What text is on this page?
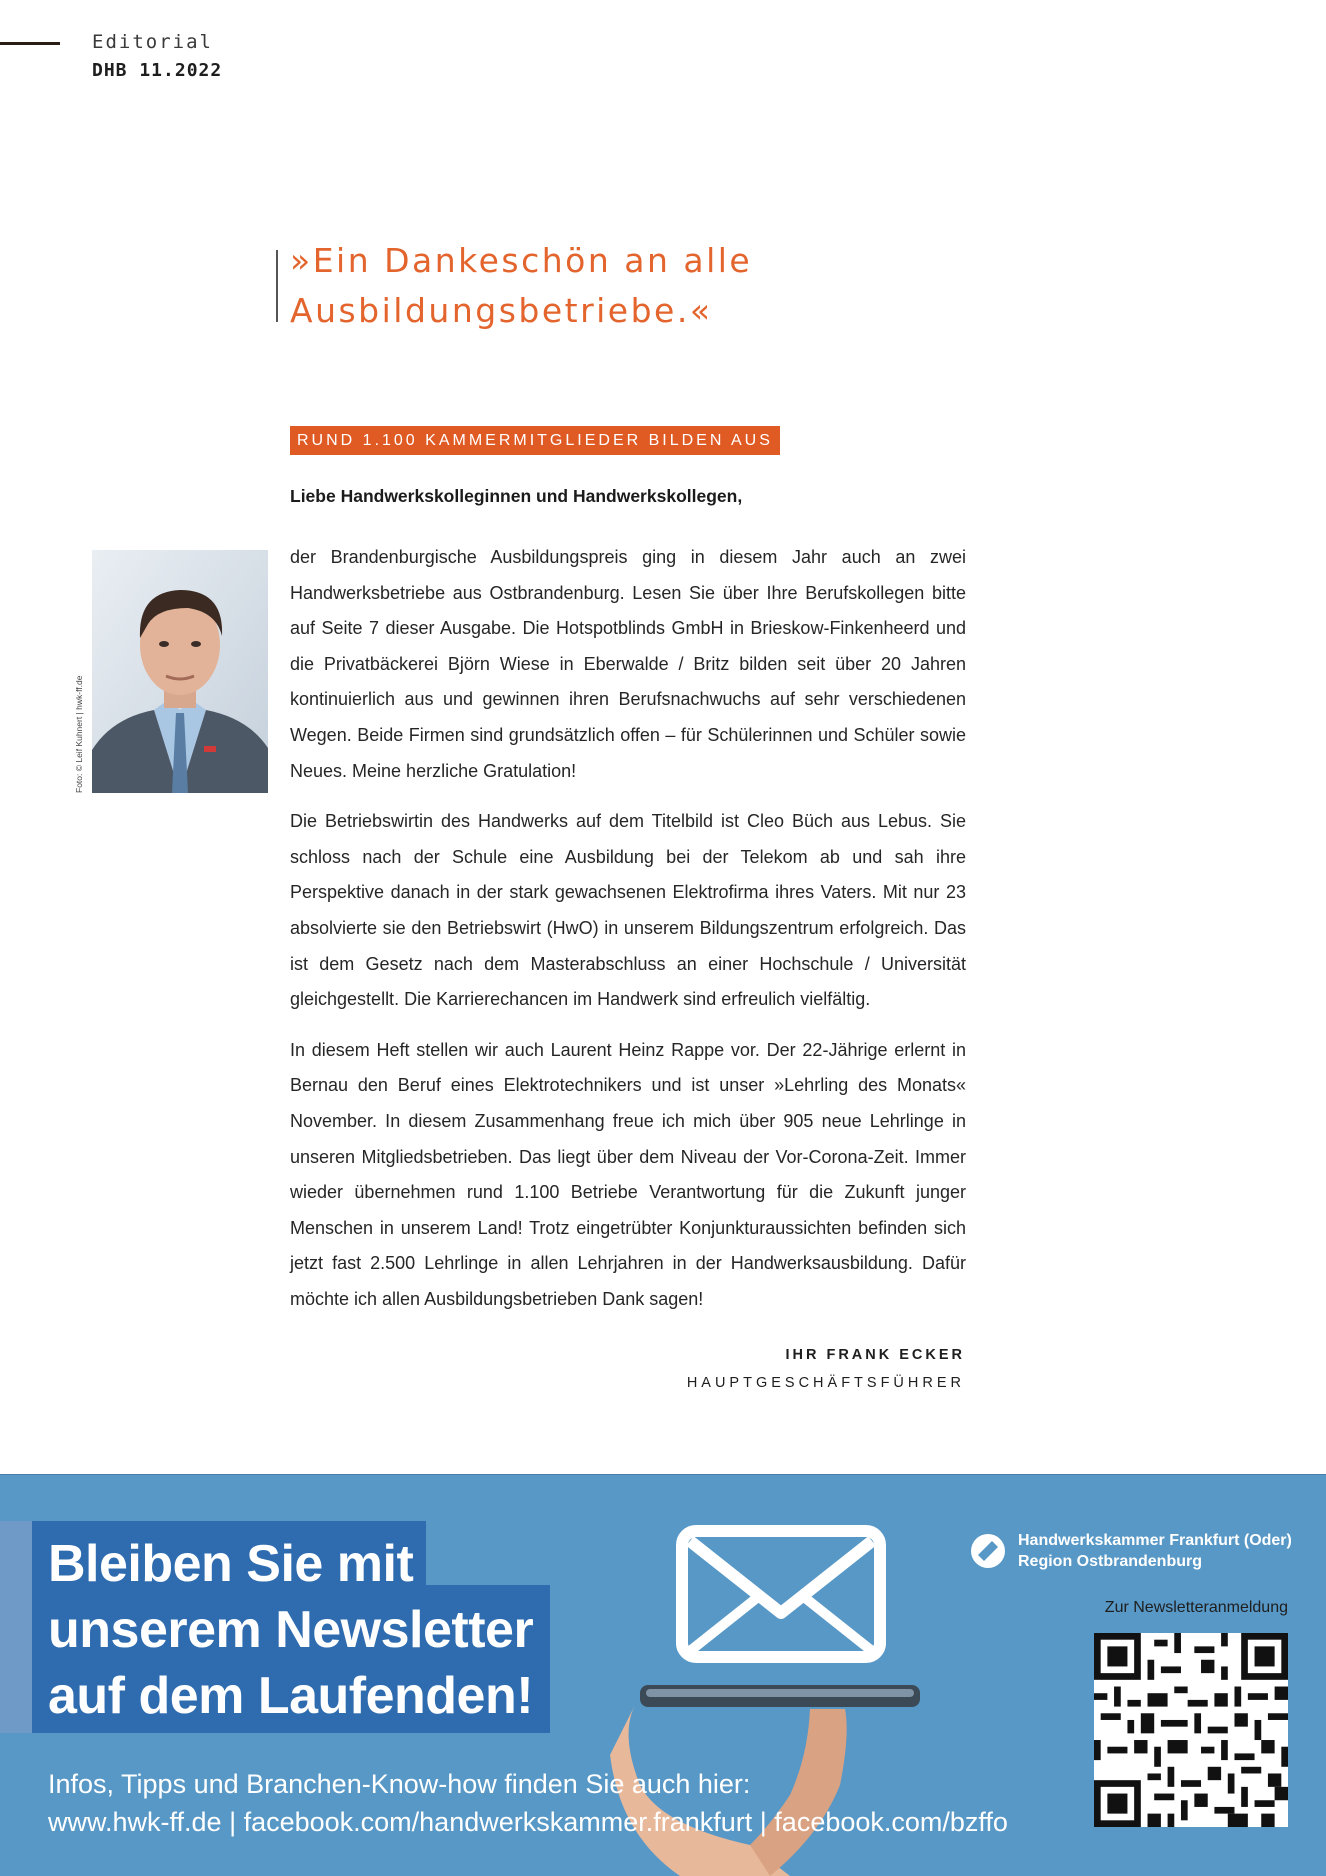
Editorial
DHB 11.2022
»Ein Dankeschön an alle
Ausbildungsbetriebe.«
RUND 1.100 KAMMERMITGLIEDER BILDEN AUS

Liebe Handwerkskolleginnen und Handwerkskollegen,

Foto: © Leif Kuhnert | hwk-ff.de

der Brandenburgische Ausbildungspreis ging in diesem Jahr auch an zwei Handwerksbetriebe aus Ostbrandenburg. Lesen Sie über Ihre Berufskollegen bitte auf Seite 7 dieser Ausgabe. Die Hotspotblinds GmbH in Brieskow-Finkenheerd und die Privatbäckerei Björn Wiese in Eberwalde / Britz bilden seit über 20 Jahren kontinuierlich aus und gewinnen ihren Berufsnachwuchs auf sehr verschiedenen Wegen. Beide Firmen sind grundsätzlich offen – für Schülerinnen und Schüler sowie Neues. Meine herzliche Gratulation!

Die Betriebswirtin des Handwerks auf dem Titelbild ist Cleo Büch aus Lebus. Sie schloss nach der Schule eine Ausbildung bei der Telekom ab und sah ihre Perspektive danach in der stark gewachsenen Elektrofirma ihres Vaters. Mit nur 23 absolvierte sie den Betriebswirt (HwO) in unserem Bildungszentrum erfolgreich. Das ist dem Gesetz nach dem Masterabschluss an einer Hochschule / Universität gleichgestellt. Die Karrierechancen im Handwerk sind erfreulich vielfältig.

In diesem Heft stellen wir auch Laurent Heinz Rappe vor. Der 22-Jährige erlernt in Bernau den Beruf eines Elektrotechnikers und ist unser »Lehrling des Monats« November. In diesem Zusammenhang freue ich mich über 905 neue Lehrlinge in unseren Mitgliedsbetrieben. Das liegt über dem Niveau der Vor-Corona-Zeit. Immer wieder übernehmen rund 1.100 Betriebe Verantwortung für die Zukunft junger Menschen in unserem Land! Trotz eingetrübter Konjunkturaussichten befinden sich jetzt fast 2.500 Lehrlinge in allen Lehrjahren in der Handwerksausbildung. Dafür möchte ich allen Ausbildungsbetrieben Dank sagen!

IHR FRANK ECKER
HAUPTGESCHÄFTSFÜHRER
Bleiben Sie mit
unserem Newsletter
auf dem Laufenden!
Handwerkskammer Frankfurt (Oder)
Region Ostbrandenburg
Zur Newsletteranmeldung
Infos, Tipps und Branchen-Know-how finden Sie auch hier:
www.hwk-ff.de | facebook.com/handwerkskammer.frankfurt | facebook.com/bzffo
